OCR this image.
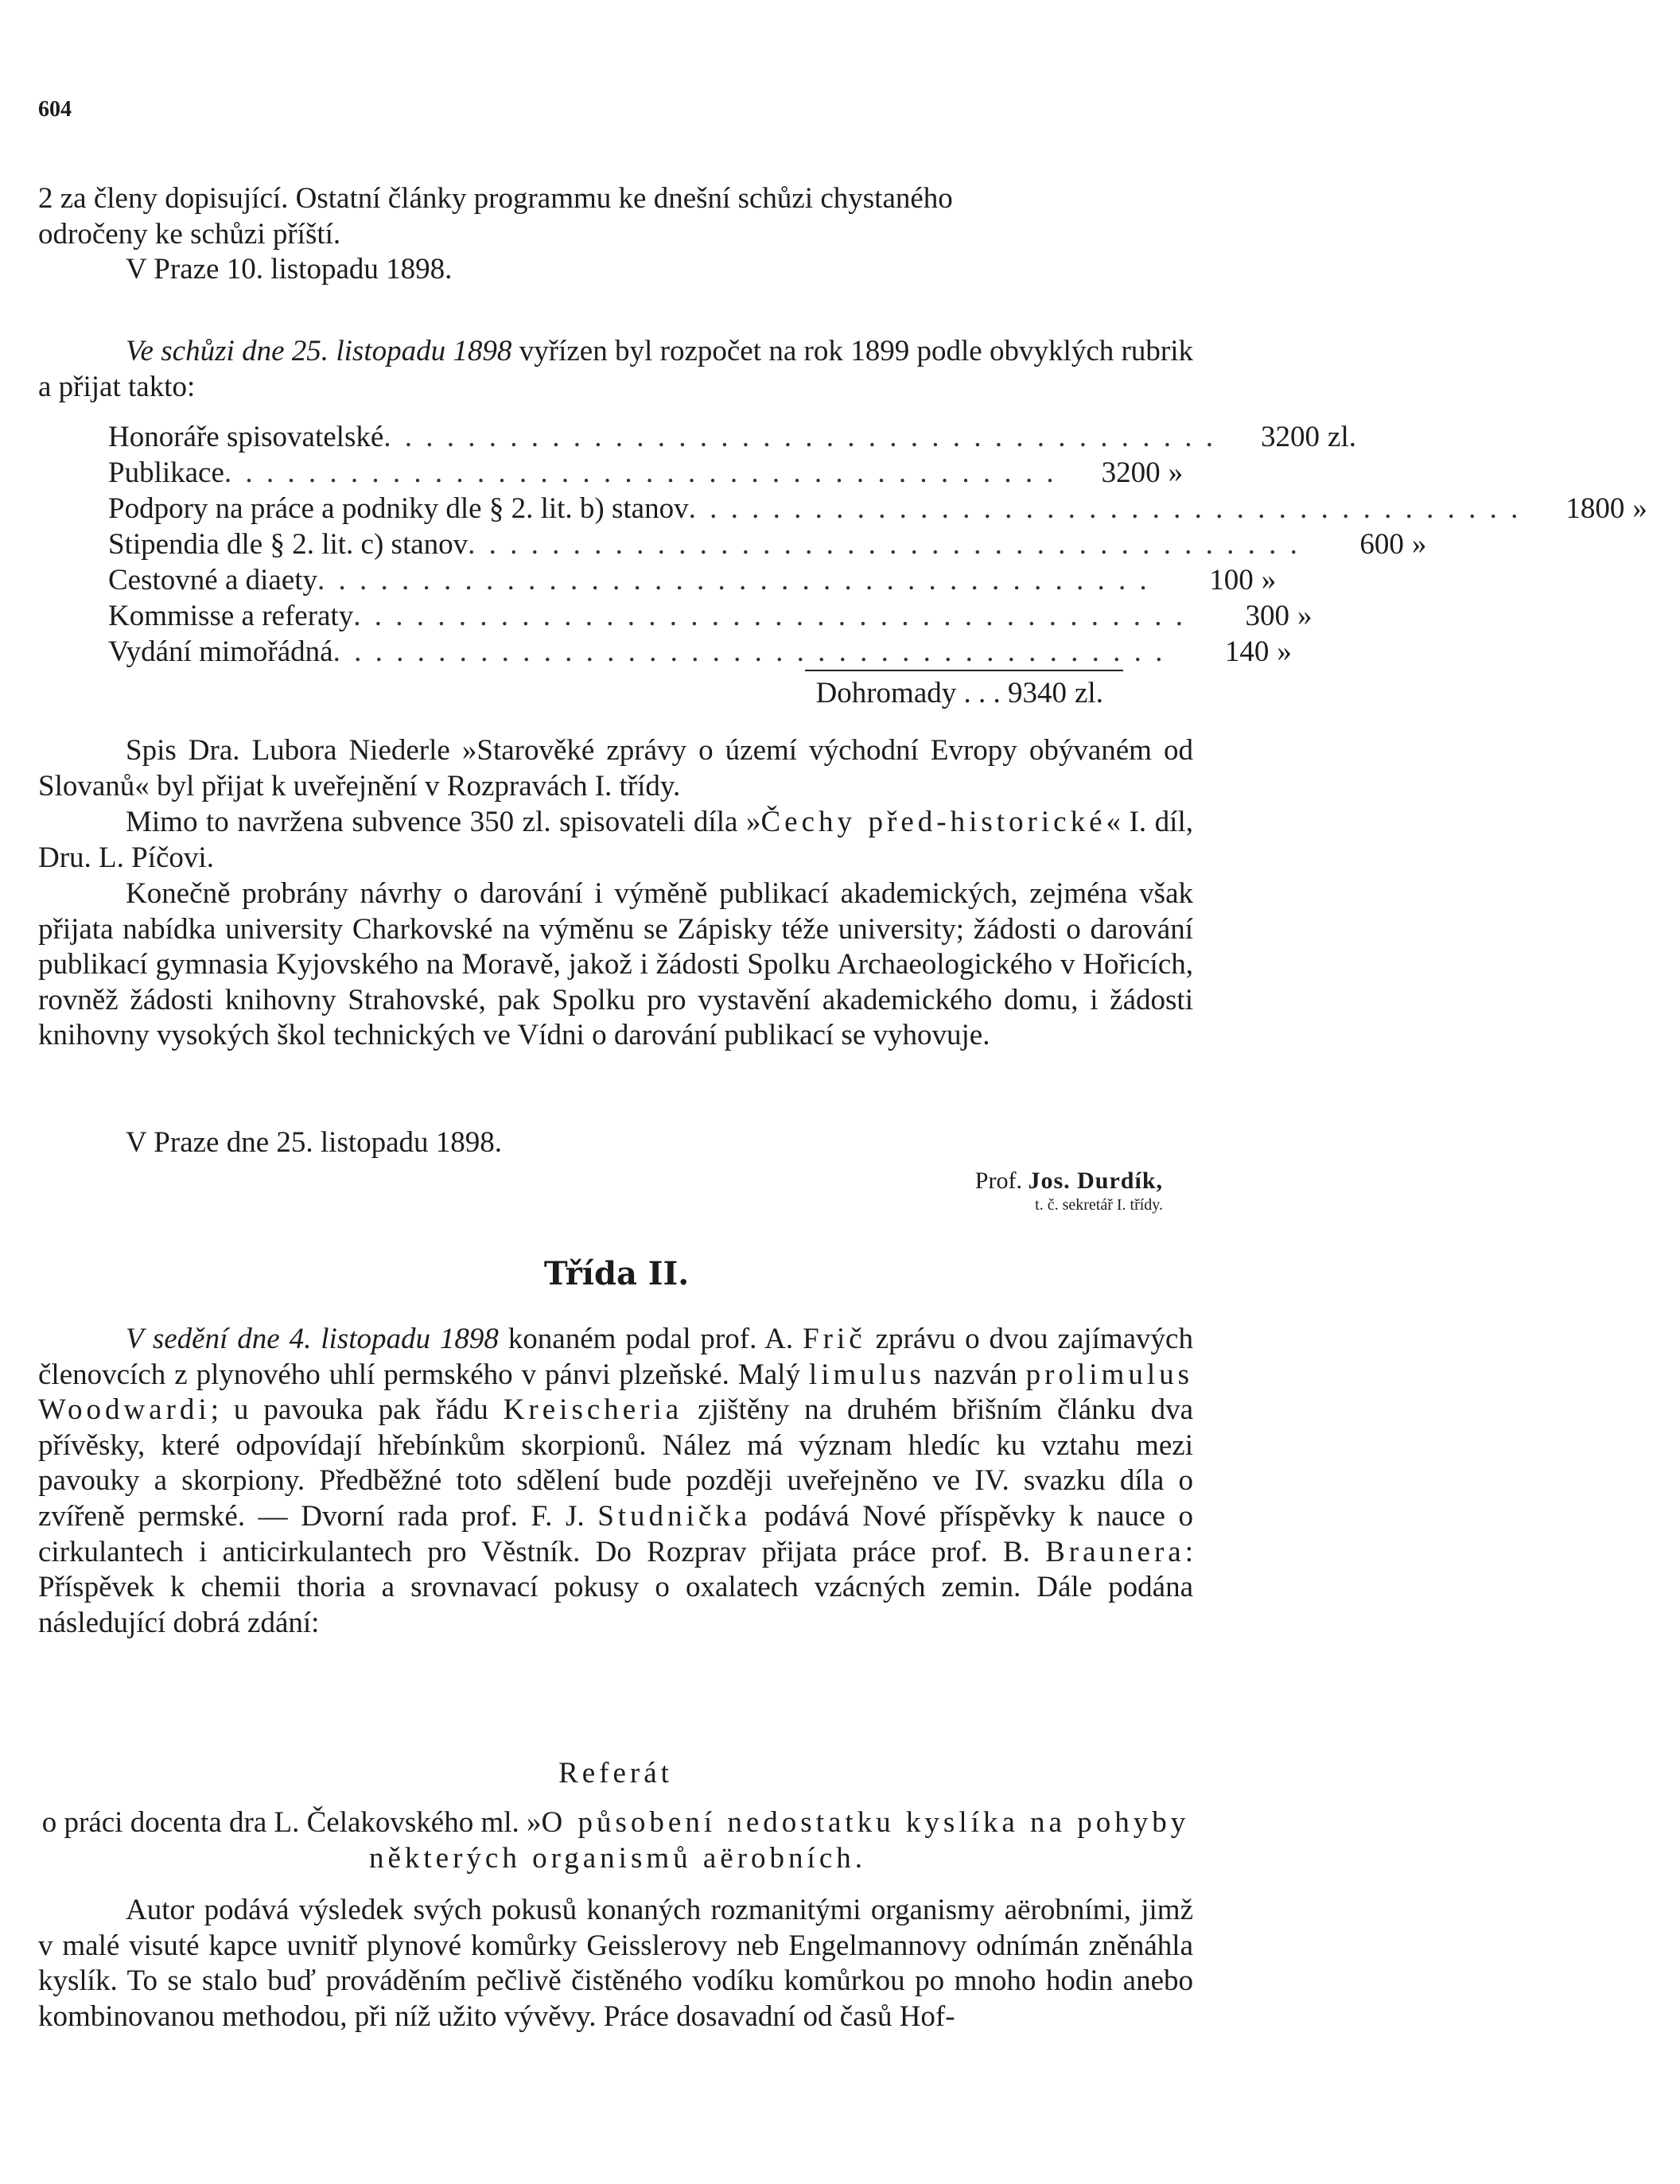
604
2 za členy dopisující. Ostatní články programmu ke dnešní schůzi chystaného
odročeny ke schůzi příští.
V Praze 10. listopadu 1898.
Ve schůzi dne 25. listopadu 1898 vyřízen byl rozpočet na rok 1899 podle obvyklých rubrik a přijat takto:
Honoráře spisovatelské . . . . . . . . . . . . . . . . . . . . . . . . . . . . . . . . . . . . . . . .	3200 zl.
Publikace . . . . . . . . . . . . . . . . . . . . . . . . . . . . . . . . . . . . . . . .	3200 »
Podpory na práce a podniky dle § 2. lit. b) stanov . . . . . . . . . . . . . . . . . . . . . . . . . . . . . . . . . . . . . . . .	1800 »
Stipendia dle § 2. lit. c) stanov . . . . . . . . . . . . . . . . . . . . . . . . . . . . . . . . . . . . . . . .	600 »
Cestovné a diaety . . . . . . . . . . . . . . . . . . . . . . . . . . . . . . . . . . . . . . . .	100 »
Kommisse a referaty . . . . . . . . . . . . . . . . . . . . . . . . . . . . . . . . . . . . . . . .	300 »
Vydání mimořádná . . . . . . . . . . . . . . . . . . . . . . . . . . . . . . . . . . . . . . . .	140 »
Dohromady . . . 9340 zl.
Spis Dra. Lubora Niederle »Starověké zprávy o území východní Evropy obývaném od Slovanů« byl přijat k uveřejnění v Rozpravách I. třídy.
Mimo to navržena subvence 350 zl. spisovateli díla »Čechy před-historické« I. díl, Dru. L. Píčovi.
Konečně probrány návrhy o darování i výměně publikací akademických, zejména však přijata nabídka university Charkovské na výměnu se Zápisky téže university; žádosti o darování publikací gymnasia Kyjovského na Moravě, jakož i žádosti Spolku Archaeologického v Hořicích, rovněž žádosti knihovny Strahovské, pak Spolku pro vystavění akademického domu, i žádosti knihovny vysokých škol technických ve Vídni o darování publikací se vyhovuje.
V Praze dne 25. listopadu 1898.
Prof. Jos. Durdík,
t. č. sekretář I. třídy.
Třída II.
V sedění dne 4. listopadu 1898 konaném podal prof. A. Frič zprávu o dvou zajímavých členovcích z plynového uhlí permského v pánvi plzeňské. Malý limulus nazván prolimulus Woodwardi; u pavouka pak řádu Kreischeria zjištěny na druhém břišním článku dva přívěsky, které odpovídají hřebínkům skorpionů. Nález má význam hledíc ku vztahu mezi pavouky a skorpiony. Předběžné toto sdělení bude později uveřejněno ve IV. svazku díla o zvířeně permské. — Dvorní rada prof. F. J. Studnička podává Nové příspěvky k nauce o cirkulantech i anticirkulantech pro Věstník. Do Rozprav přijata práce prof. B. Braunera: Příspěvek k chemii thoria a srovnavací pokusy o oxalatech vzácných zemin. Dále podána následující dobrá zdání:
Referát
o práci docenta dra L. Čelakovského ml. »O působení nedostatku kyslíka na pohyby některých organismů aërobních.
Autor podává výsledek svých pokusů konaných rozmanitými organismy aërobními, jimž v malé visuté kapce uvnitř plynové komůrky Geisslerovy neb Engelmannovy odnímán zněnáhla kyslík. To se stalo buď prováděním pečlivě čistěného vodíku komůrkou po mnoho hodin anebo kombinovanou methodou, při níž užito vývěvy. Práce dosavadní od časů Hof-
